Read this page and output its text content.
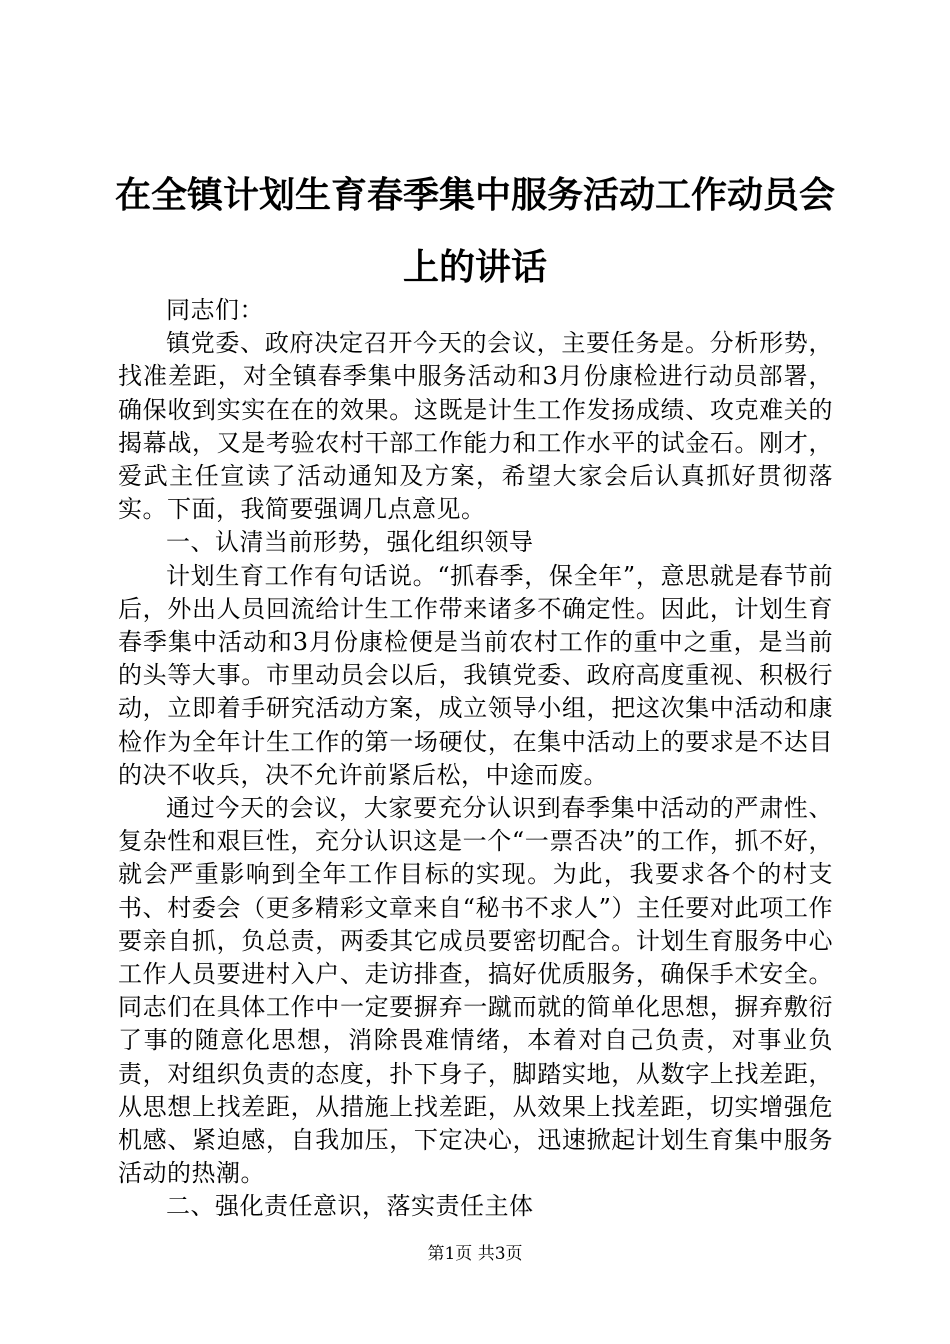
在全镇计划生育春季集中服务活动工作动员会
上的讲话

同志们：

镇党委、政府决定召开今天的会议，主要任务是。分析形势，找准差距，对全镇春季集中服务活动和3月份康检进行动员部署，确保收到实实在在的效果。这既是计生工作发扬成绩、攻克难关的揭幕战，又是考验农村干部工作能力和工作水平的试金石。刚才，爱武主任宣读了活动通知及方案，希望大家会后认真抓好贯彻落实。下面，我简要强调几点意见。

一、认清当前形势，强化组织领导

计划生育工作有句话说。“抓春季，保全年”，意思就是春节前后，外出人员回流给计生工作带来诸多不确定性。因此，计划生育春季集中活动和3月份康检便是当前农村工作的重中之重，是当前的头等大事。市里动员会以后，我镇党委、政府高度重视、积极行动，立即着手研究活动方案，成立领导小组，把这次集中活动和康检作为全年计生工作的第一场硬仗，在集中活动上的要求是不达目的决不收兵，决不允许前紧后松，中途而废。

通过今天的会议，大家要充分认识到春季集中活动的严肃性、复杂性和艰巨性，充分认识这是一个“一票否决”的工作，抓不好，就会严重影响到全年工作目标的实现。为此，我要求各个的村支书、村委会（更多精彩文章来自“秘书不求人”）主任要对此项工作要亲自抓，负总责，两委其它成员要密切配合。计划生育服务中心工作人员要进村入户、走访排查，搞好优质服务，确保手术安全。同志们在具体工作中一定要摒弃一蹴而就的简单化思想，摒弃敷衍了事的随意化思想，消除畏难情绪，本着对自己负责，对事业负责，对组织负责的态度，扑下身子，脚踏实地，从数字上找差距，从思想上找差距，从措施上找差距，从效果上找差距，切实增强危机感、紧迫感，自我加压，下定决心，迅速掀起计划生育集中服务活动的热潮。

二、强化责任意识，落实责任主体

第1页 共3页
